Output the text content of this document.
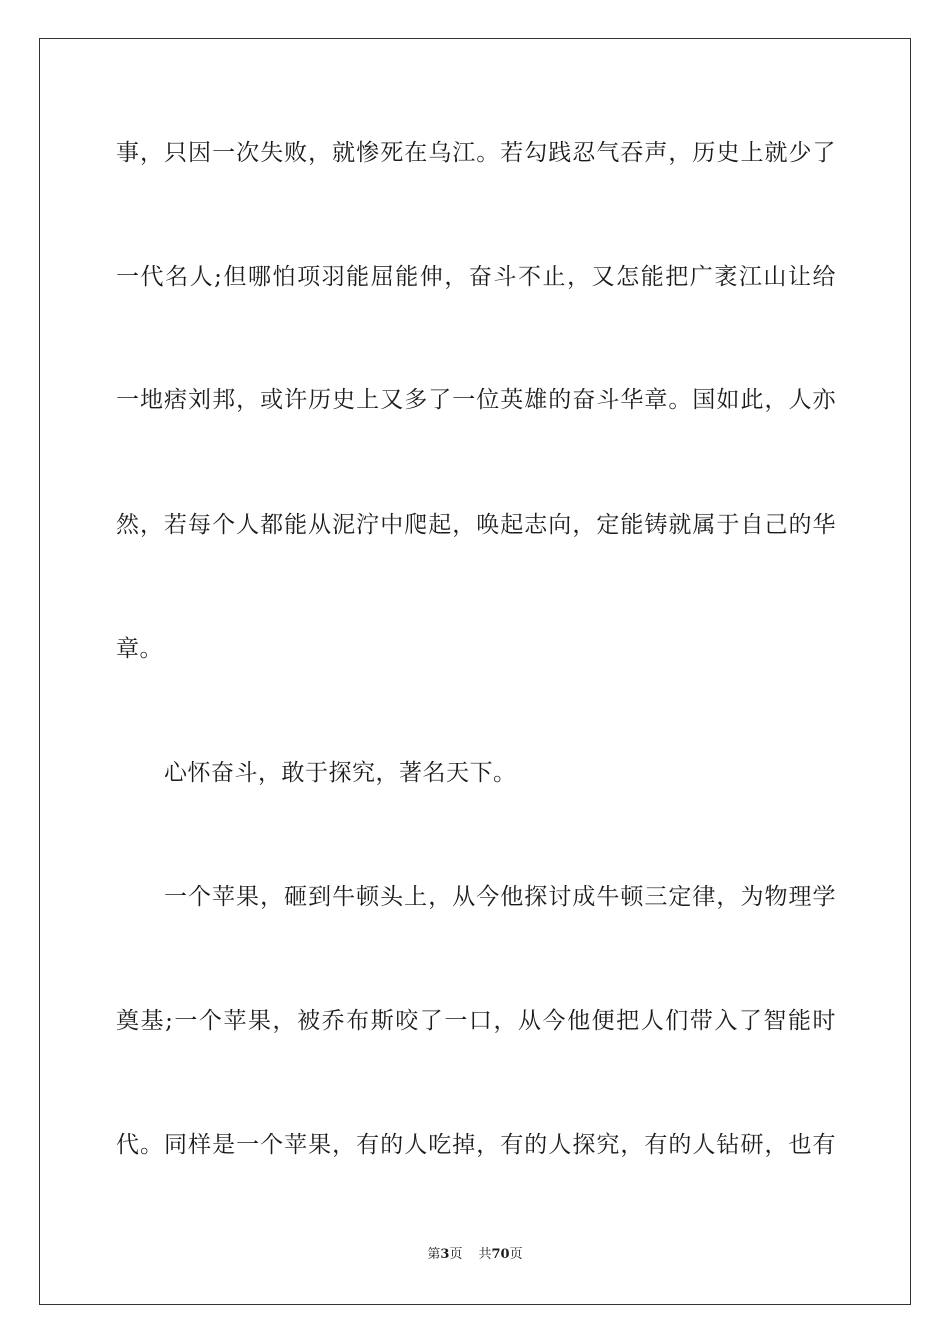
事，只因一次失败，就惨死在乌江。若勾践忍气吞声，历史上就少了
一代名人;但哪怕项羽能屈能伸，奋斗不止，又怎能把广袤江山让给
一地痞刘邦，或许历史上又多了一位英雄的奋斗华章。国如此，人亦
然，若每个人都能从泥泞中爬起，唤起志向，定能铸就属于自己的华
章。
心怀奋斗，敢于探究，著名天下。
一个苹果，砸到牛顿头上，从今他探讨成牛顿三定律，为物理学
奠基;一个苹果，被乔布斯咬了一口，从今他便把人们带入了智能时
代。同样是一个苹果，有的人吃掉，有的人探究，有的人钻研，也有
第3页 共70页
